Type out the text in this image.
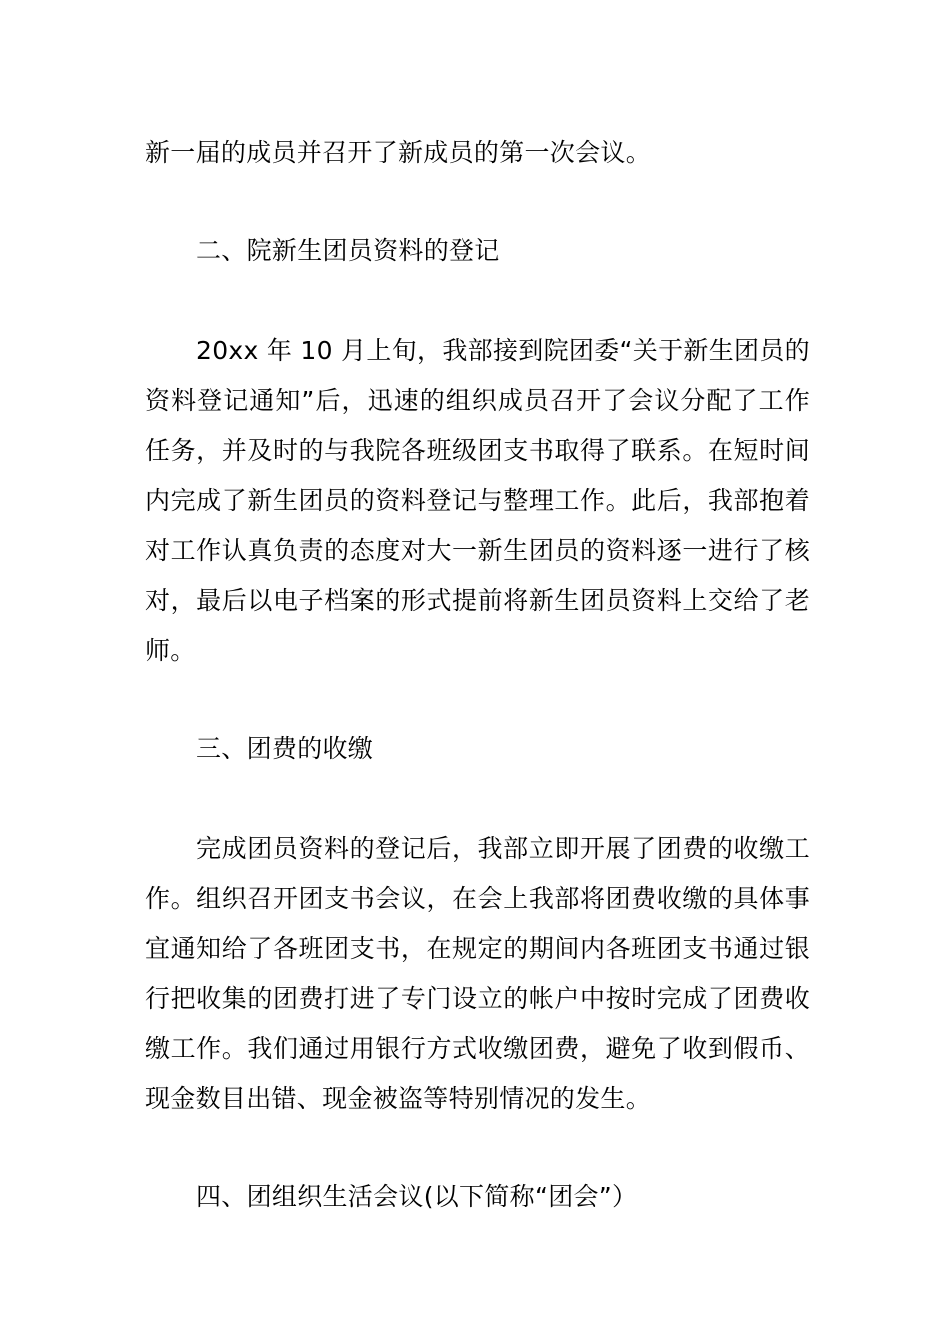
新一届的成员并召开了新成员的第一次会议。

二、院新生团员资料的登记

20xx 年 10 月上旬，我部接到院团委“关于新生团员的资料登记通知”后，迅速的组织成员召开了会议分配了工作任务，并及时的与我院各班级团支书取得了联系。在短时间内完成了新生团员的资料登记与整理工作。此后，我部抱着对工作认真负责的态度对大一新生团员的资料逐一进行了核对，最后以电子档案的形式提前将新生团员资料上交给了老师。

三、团费的收缴

完成团员资料的登记后，我部立即开展了团费的收缴工作。组织召开团支书会议，在会上我部将团费收缴的具体事宜通知给了各班团支书，在规定的期间内各班团支书通过银行把收集的团费打进了专门设立的帐户中按时完成了团费收缴工作。我们通过用银行方式收缴团费，避免了收到假币、现金数目出错、现金被盗等特别情况的发生。

四、团组织生活会议(以下简称“团会”）
